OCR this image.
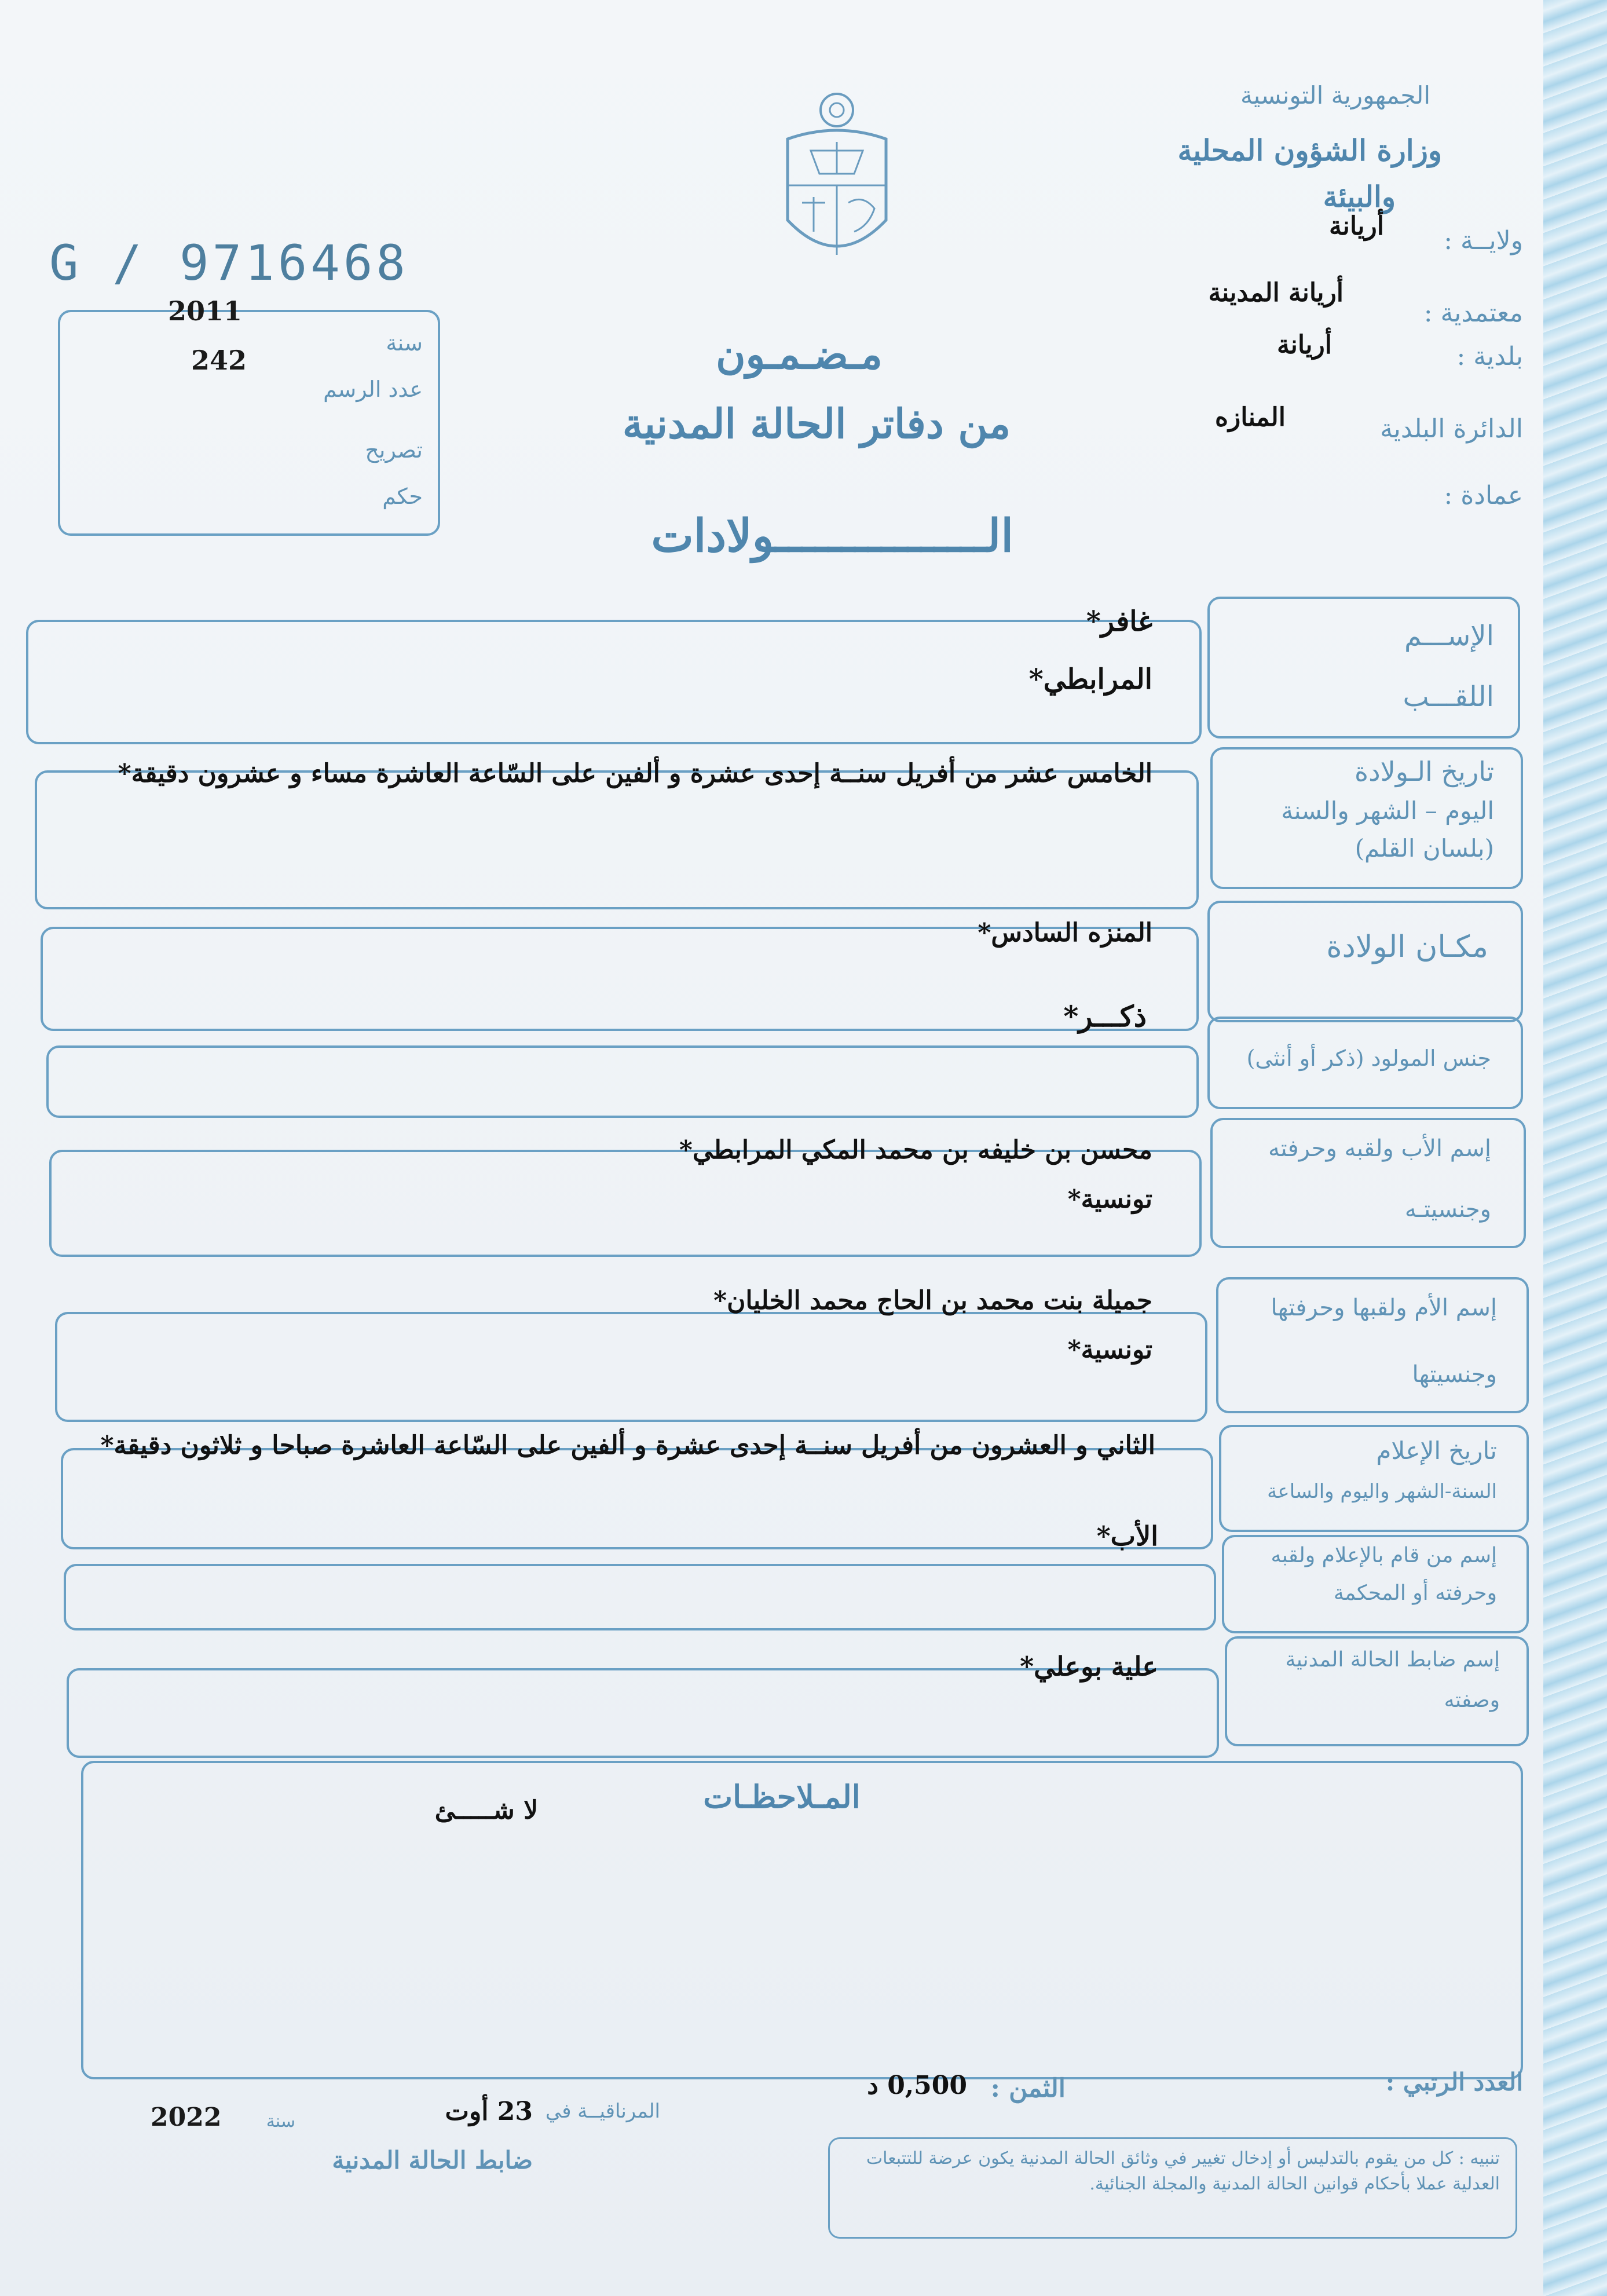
الجمهورية التونسية
وزارة الشؤون المحلية
والبيئة
ولايــة :
أريانة
معتمدية :
أريانة المدينة
بلدية :
أريانة
الدائرة البلدية
المنازه
عمادة :
G / 9716468
2011
سنة
242
عدد الرسم
تصريح
حكم
مـضـمـون
من دفاتر الحالة المدنية
الــــــــــــــــولادات
الإســـم
اللقـــب
غافر*
المرابطي*
تاريخ الـولادة
اليوم – الشهر والسنة
(بلسان القلم)
الخامس عشر من أفريل سنــة إحدى عشرة و ألفين على السّاعة العاشرة مساء و عشرون دقيقة*
مكـان الولادة
المنزه السادس*
جنس المولود (ذكر أو أنثى)
ذكـــر*
إسم الأب ولقبه وحرفته
وجنسيتـه
محسن بن خليفه بن محمد المكي المرابطي*
تونسية*
إسم الأم ولقبها وحرفتها
وجنسيتها
جميلة بنت محمد بن الحاج محمد الخليان*
تونسية*
تاريخ الإعلام
السنة-الشهر واليوم والساعة
الثاني و العشرون من أفريل سنــة إحدى عشرة و ألفين على السّاعة العاشرة صباحا و ثلاثون دقيقة*
إسم من قام بالإعلام ولقبه
وحرفته أو المحكمة
الأب*
إسم ضابط الحالة المدنية
وصفته
علية بوعلي*
المـلاحظـات
لا شـــــئ
العدد الرتبي :
الثمن :
0,500 د
المرناقيــة في
23 أوت
سنة
2022
ضابط الحالة المدنية	تنبيه : كل من يقوم بالتدليس أو إدخال تغيير في وثائق الحالة المدنية يكون عرضة للتتبعات العدلية عملا بأحكام قوانين الحالة المدنية والمجلة الجنائية.
